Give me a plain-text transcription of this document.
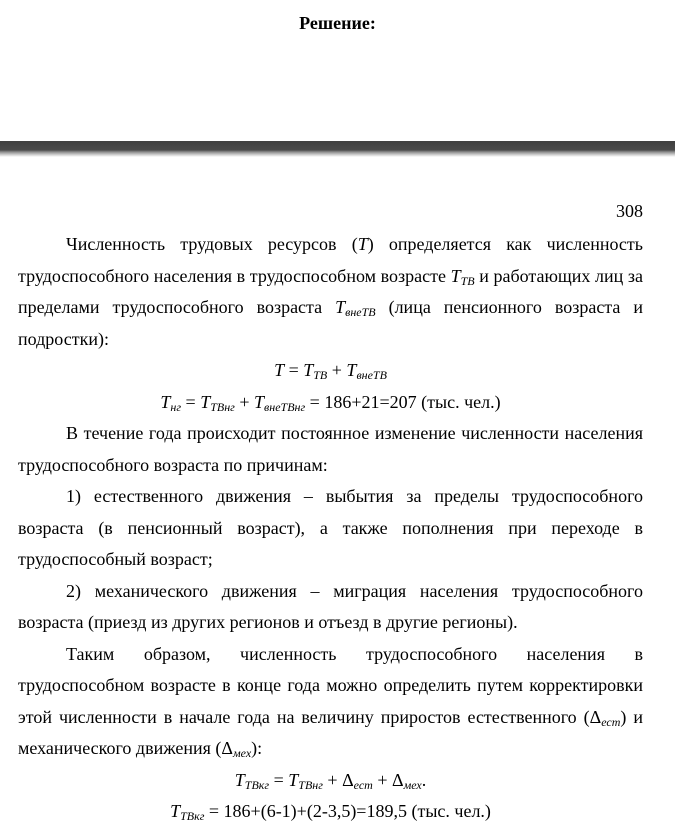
Решение:

308

Численность трудовых ресурсов (Т) определяется как численность трудоспособного населения в трудоспособном возрасте $Т_{ТВ}$ и работающих лиц за пределами трудоспособного возраста $Т_{внеТВ}$ (лица пенсионного возраста и подростки):

$Т = Т_{ТВ} + Т_{внеТВ}$

$Т_{нг} = Т_{ТВнг} + Т_{внеТВнг} = 186+21=207$ (тыс. чел.)

В течение года происходит постоянное изменение численности населения трудоспособного возраста по причинам:

1) естественного движения – выбытия за пределы трудоспособного возраста (в пенсионный возраст), а также пополнения при переходе в трудоспособный возраст;

2) механического движения – миграция населения трудоспособного возраста (приезд из других регионов и отъезд в другие регионы).

Таким образом, численность трудоспособного населения в трудоспособном возрасте в конце года можно определить путем корректировки этой численности в начале года на величину приростов естественного $(\Delta_{ест})$ и механического движения $(\Delta_{мех})$:

$Т_{ТВкг} = Т_{ТВнг} + \Delta_{ест} + \Delta_{мех}$.

$Т_{ТВкг} = 186+(6-1)+(2-3,5)=189,5$ (тыс. чел.)
